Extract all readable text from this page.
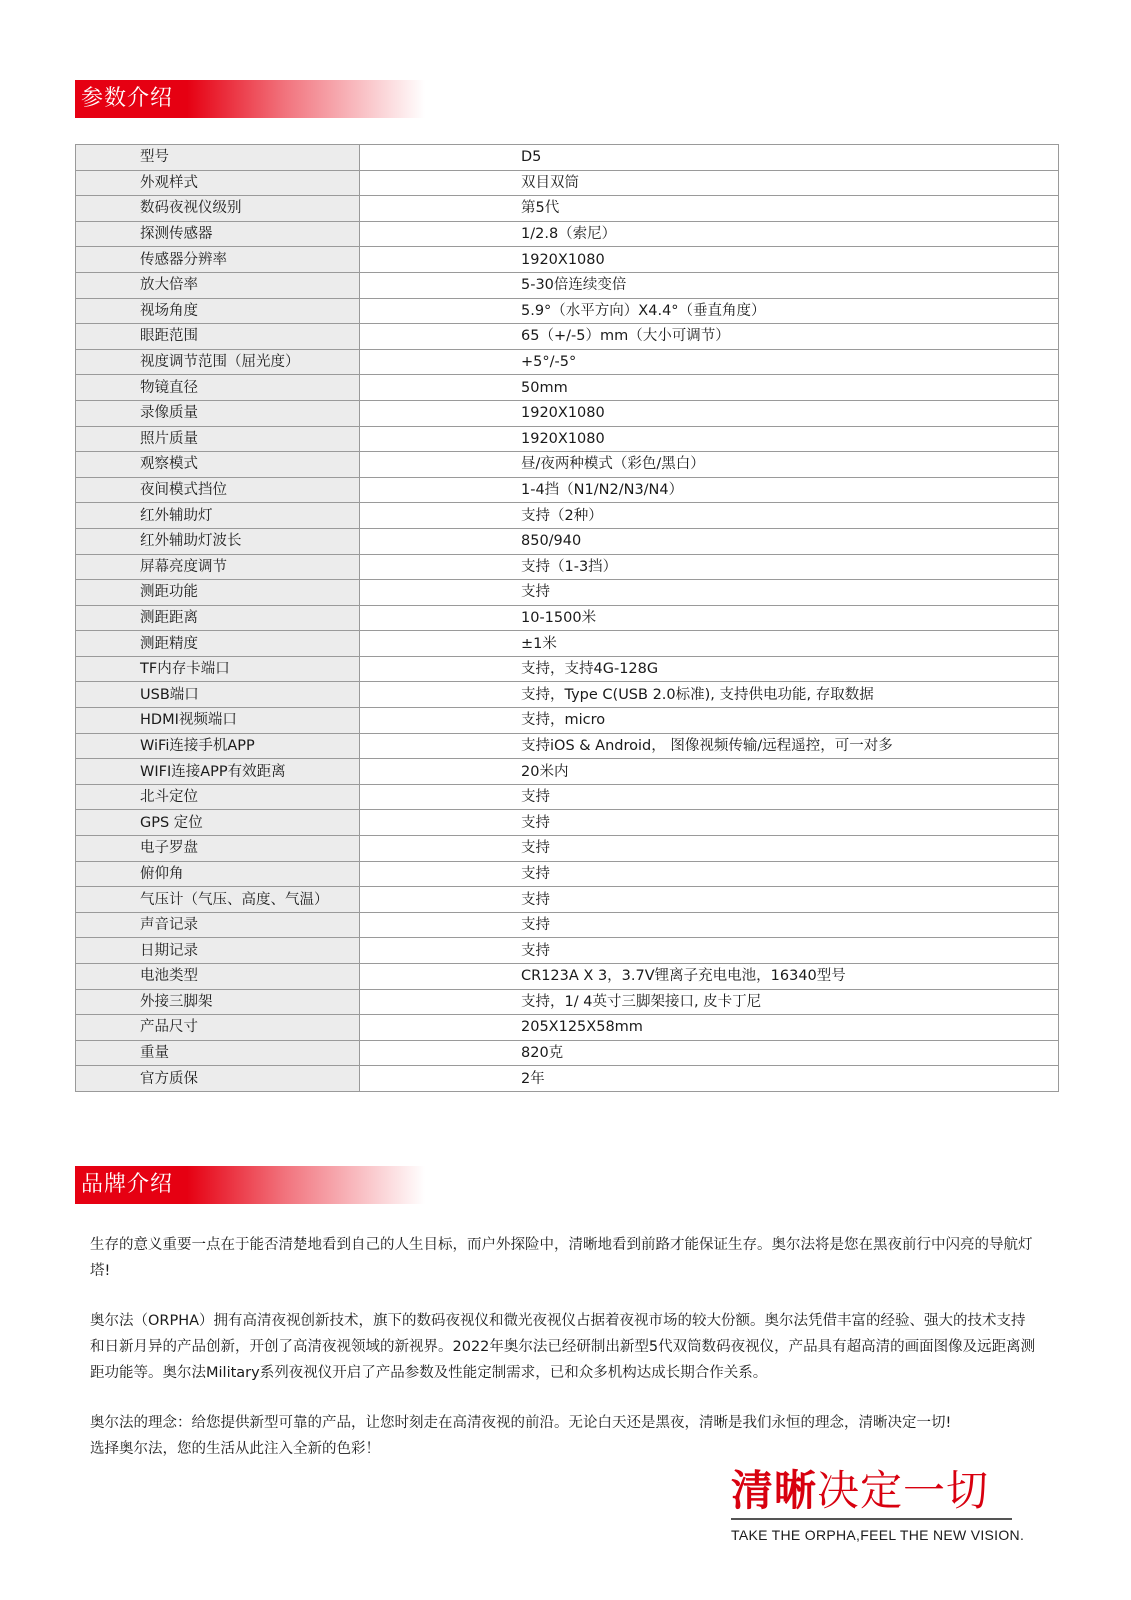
参数介绍
型号	D5
外观样式	双目双筒
数码夜视仪级别	第5代
探测传感器	1/2.8（索尼）
传感器分辨率	1920X1080
放大倍率	5-30倍连续变倍
视场角度	5.9°（水平方向）X4.4°（垂直角度）
眼距范围	65（+/-5）mm（大小可调节）
视度调节范围（屈光度）	+5°/-5°
物镜直径	50mm
录像质量	1920X1080
照片质量	1920X1080
观察模式	昼/夜两种模式（彩色/黑白）
夜间模式挡位	1-4挡（N1/N2/N3/N4）
红外辅助灯	支持（2种）
红外辅助灯波长	850/940
屏幕亮度调节	支持（1-3挡）
测距功能	支持
测距距离	10-1500米
测距精度	±1米
TF内存卡端口	支持，支持4G-128G
USB端口	支持，Type C(USB 2.0标准), 支持供电功能, 存取数据
HDMI视频端口	支持，micro
WiFi连接手机APP	支持iOS & Android， 图像视频传输/远程遥控，可一对多
WIFI连接APP有效距离	20米内
北斗定位	支持
GPS 定位	支持
电子罗盘	支持
俯仰角	支持
气压计（气压、高度、气温）	支持
声音记录	支持
日期记录	支持
电池类型	CR123A X 3，3.7V锂离子充电电池，16340型号
外接三脚架	支持，1/ 4英寸三脚架接口, 皮卡丁尼
产品尺寸	205X125X58mm
重量	820克
官方质保	2年
品牌介绍

生存的意义重要一点在于能否清楚地看到自己的人生目标，而户外探险中，清晰地看到前路才能保证生存。奥尔法将是您在黑夜前行中闪亮的导航灯塔!

奥尔法（ORPHA）拥有高清夜视创新技术，旗下的数码夜视仪和微光夜视仪占据着夜视市场的较大份额。奥尔法凭借丰富的经验、强大的技术支持和日新月异的产品创新，开创了高清夜视领域的新视界。2022年奥尔法已经研制出新型5代双筒数码夜视仪，产品具有超高清的画面图像及远距离测距功能等。奥尔法Military系列夜视仪开启了产品参数及性能定制需求，已和众多机构达成长期合作关系。

奥尔法的理念：给您提供新型可靠的产品，让您时刻走在高清夜视的前沿。无论白天还是黑夜，清晰是我们永恒的理念，清晰决定一切!
选择奥尔法，您的生活从此注入全新的色彩！

清晰决定一切
TAKE THE ORPHA,FEEL THE NEW VISION.
